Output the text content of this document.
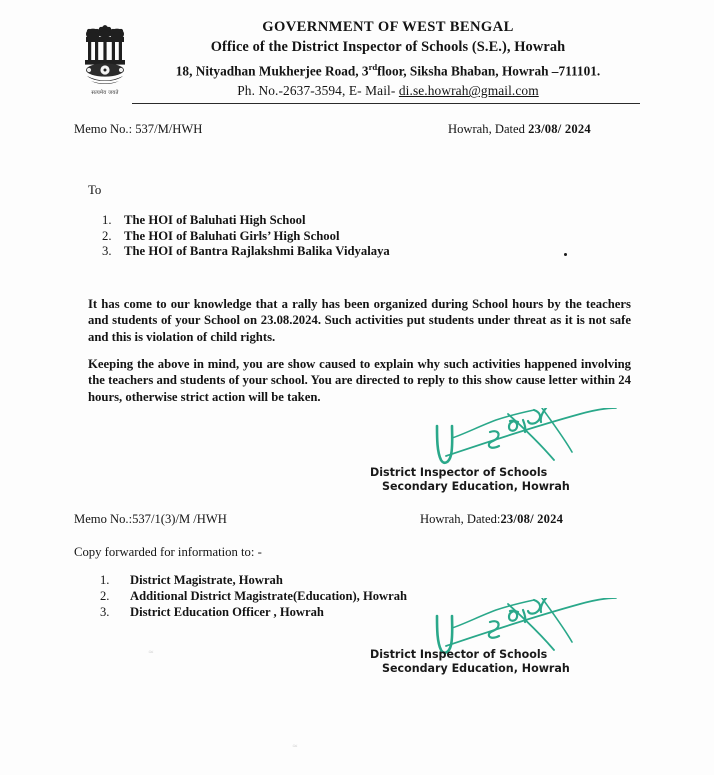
सत्यमेव जयते
GOVERNMENT OF WEST BENGAL
Office of the District Inspector of Schools (S.E.), Howrah
18, Nityadhan Mukherjee Road, 3rdfloor, Siksha Bhaban, Howrah –711101.
Ph. No.-2637-3594, E- Mail- di.se.howrah@gmail.com
Memo No.: 537/M/HWH	Howrah, Dated 23/08/ 2024
To
1. The HOI of Baluhati High School
2. The HOI of Baluhati Girls’ High School
3. The HOI of Bantra Rajlakshmi Balika Vidyalaya

It has come to our knowledge that a rally has been organized during School hours by the teachers and students of your School on 23.08.2024. Such activities put students under threat as it is not safe and this is violation of child rights.

Keeping the above in mind, you are show caused to explain why such activities happened involving the teachers and students of your school. You are directed to reply to this show cause letter within 24 hours, otherwise strict action will be taken.

District Inspector of Schools
Secondary Education, Howrah
Memo No.:537/1(3)/M /HWH	Howrah, Dated:23/08/ 2024
Copy forwarded for information to: -
1. District Magistrate, Howrah
2. Additional District Magistrate(Education), Howrah
3. District Education Officer , Howrah
District Inspector of Schools
Secondary Education, Howrah
≈
≈
